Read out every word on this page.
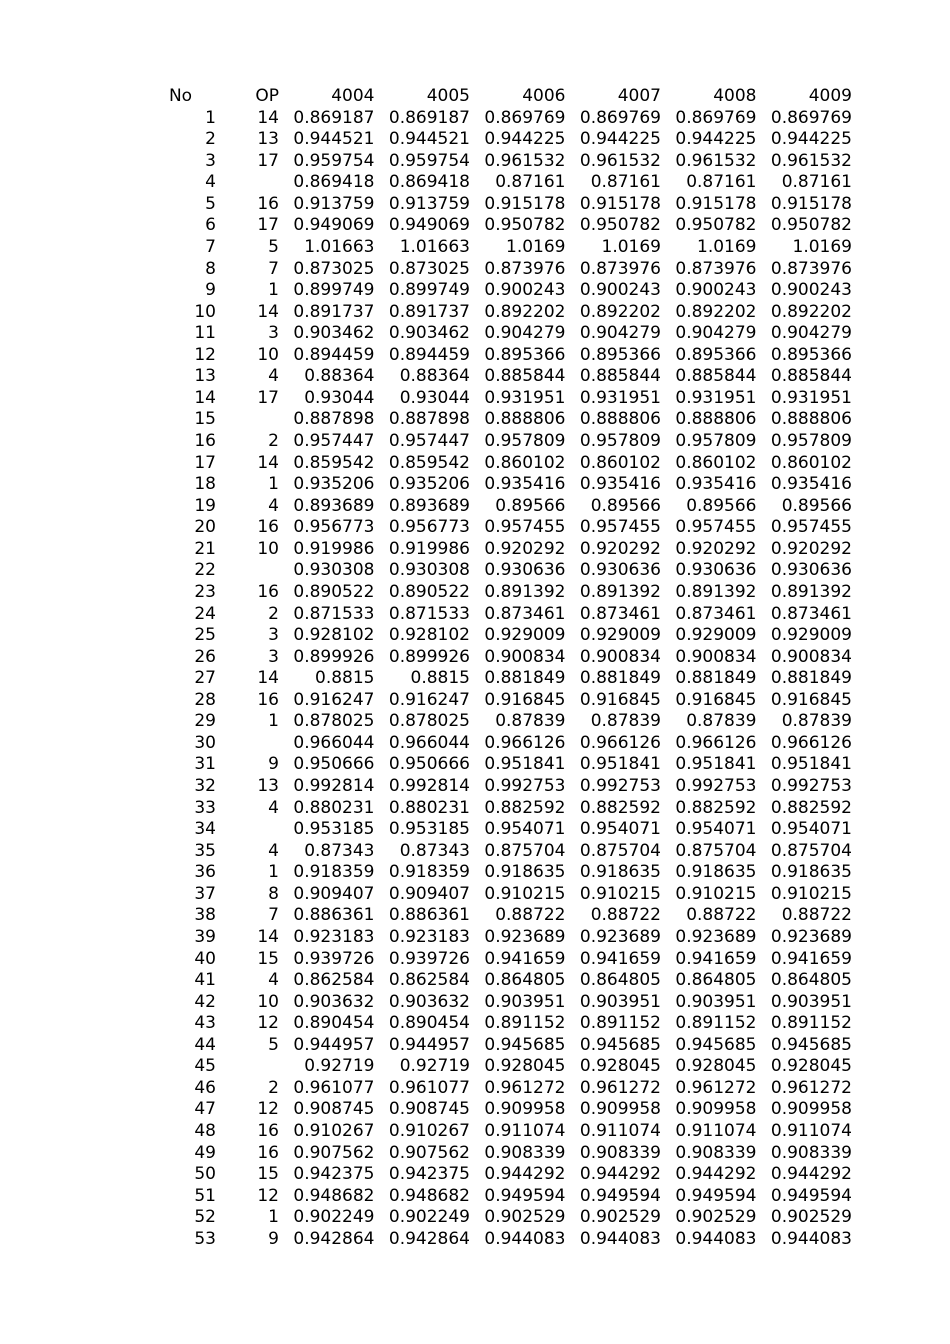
No	OP	4004	4005	4006	4007	4008	4009
1	14	0.869187	0.869187	0.869769	0.869769	0.869769	0.869769
2	13	0.944521	0.944521	0.944225	0.944225	0.944225	0.944225
3	17	0.959754	0.959754	0.961532	0.961532	0.961532	0.961532
4		0.869418	0.869418	0.87161	0.87161	0.87161	0.87161
5	16	0.913759	0.913759	0.915178	0.915178	0.915178	0.915178
6	17	0.949069	0.949069	0.950782	0.950782	0.950782	0.950782
7	5	1.01663	1.01663	1.0169	1.0169	1.0169	1.0169
8	7	0.873025	0.873025	0.873976	0.873976	0.873976	0.873976
9	1	0.899749	0.899749	0.900243	0.900243	0.900243	0.900243
10	14	0.891737	0.891737	0.892202	0.892202	0.892202	0.892202
11	3	0.903462	0.903462	0.904279	0.904279	0.904279	0.904279
12	10	0.894459	0.894459	0.895366	0.895366	0.895366	0.895366
13	4	0.88364	0.88364	0.885844	0.885844	0.885844	0.885844
14	17	0.93044	0.93044	0.931951	0.931951	0.931951	0.931951
15		0.887898	0.887898	0.888806	0.888806	0.888806	0.888806
16	2	0.957447	0.957447	0.957809	0.957809	0.957809	0.957809
17	14	0.859542	0.859542	0.860102	0.860102	0.860102	0.860102
18	1	0.935206	0.935206	0.935416	0.935416	0.935416	0.935416
19	4	0.893689	0.893689	0.89566	0.89566	0.89566	0.89566
20	16	0.956773	0.956773	0.957455	0.957455	0.957455	0.957455
21	10	0.919986	0.919986	0.920292	0.920292	0.920292	0.920292
22		0.930308	0.930308	0.930636	0.930636	0.930636	0.930636
23	16	0.890522	0.890522	0.891392	0.891392	0.891392	0.891392
24	2	0.871533	0.871533	0.873461	0.873461	0.873461	0.873461
25	3	0.928102	0.928102	0.929009	0.929009	0.929009	0.929009
26	3	0.899926	0.899926	0.900834	0.900834	0.900834	0.900834
27	14	0.8815	0.8815	0.881849	0.881849	0.881849	0.881849
28	16	0.916247	0.916247	0.916845	0.916845	0.916845	0.916845
29	1	0.878025	0.878025	0.87839	0.87839	0.87839	0.87839
30		0.966044	0.966044	0.966126	0.966126	0.966126	0.966126
31	9	0.950666	0.950666	0.951841	0.951841	0.951841	0.951841
32	13	0.992814	0.992814	0.992753	0.992753	0.992753	0.992753
33	4	0.880231	0.880231	0.882592	0.882592	0.882592	0.882592
34		0.953185	0.953185	0.954071	0.954071	0.954071	0.954071
35	4	0.87343	0.87343	0.875704	0.875704	0.875704	0.875704
36	1	0.918359	0.918359	0.918635	0.918635	0.918635	0.918635
37	8	0.909407	0.909407	0.910215	0.910215	0.910215	0.910215
38	7	0.886361	0.886361	0.88722	0.88722	0.88722	0.88722
39	14	0.923183	0.923183	0.923689	0.923689	0.923689	0.923689
40	15	0.939726	0.939726	0.941659	0.941659	0.941659	0.941659
41	4	0.862584	0.862584	0.864805	0.864805	0.864805	0.864805
42	10	0.903632	0.903632	0.903951	0.903951	0.903951	0.903951
43	12	0.890454	0.890454	0.891152	0.891152	0.891152	0.891152
44	5	0.944957	0.944957	0.945685	0.945685	0.945685	0.945685
45		0.92719	0.92719	0.928045	0.928045	0.928045	0.928045
46	2	0.961077	0.961077	0.961272	0.961272	0.961272	0.961272
47	12	0.908745	0.908745	0.909958	0.909958	0.909958	0.909958
48	16	0.910267	0.910267	0.911074	0.911074	0.911074	0.911074
49	16	0.907562	0.907562	0.908339	0.908339	0.908339	0.908339
50	15	0.942375	0.942375	0.944292	0.944292	0.944292	0.944292
51	12	0.948682	0.948682	0.949594	0.949594	0.949594	0.949594
52	1	0.902249	0.902249	0.902529	0.902529	0.902529	0.902529
53	9	0.942864	0.942864	0.944083	0.944083	0.944083	0.944083
